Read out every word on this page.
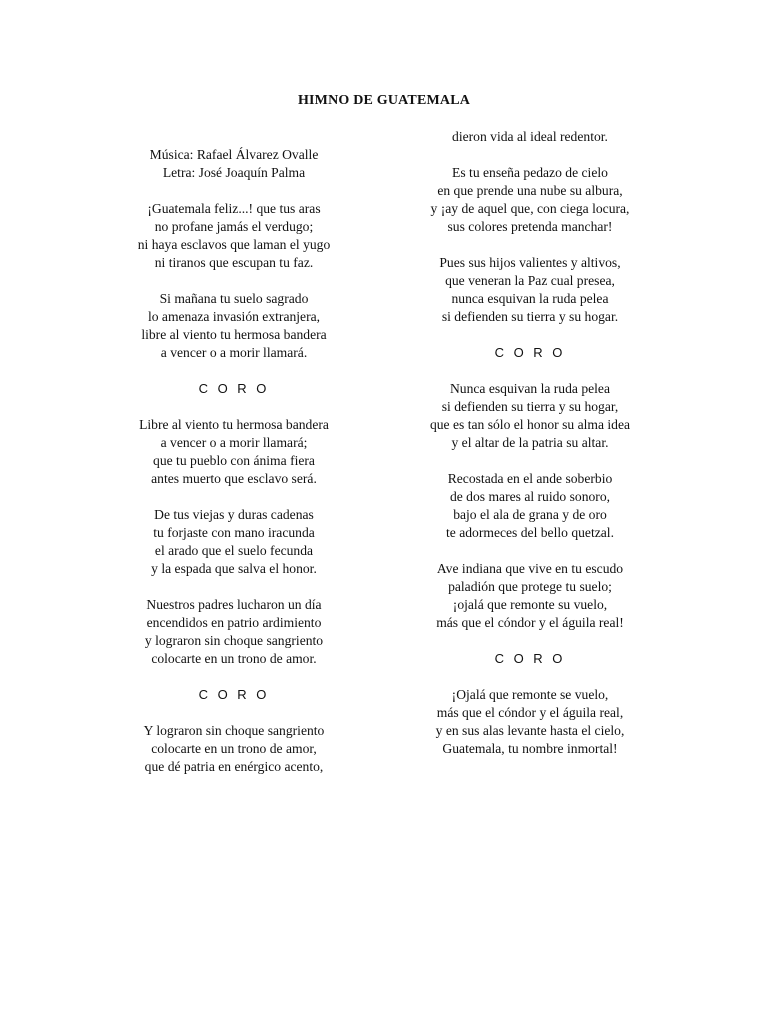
HIMNO DE GUATEMALA
Música: Rafael Álvarez Ovalle
Letra: José Joaquín Palma
¡Guatemala feliz...! que tus aras
no profane jamás el verdugo;
ni haya esclavos que laman el yugo
ni tiranos que escupan tu faz.
Si mañana tu suelo sagrado
lo amenaza invasión extranjera,
libre al viento tu hermosa bandera
a vencer o a morir llamará.
C O R O
Libre al viento tu hermosa bandera
a vencer o a morir llamará;
que tu pueblo con ánima fiera
antes muerto que esclavo será.
De tus viejas y duras cadenas
tu forjaste con mano iracunda
el arado que el suelo fecunda
y la espada que salva el honor.
Nuestros padres lucharon un día
encendidos en patrio ardimiento
y lograron sin choque sangriento
colocarte en un trono de amor.
C O R O
Y lograron sin choque sangriento
colocarte en un trono de amor,
que dé patria en enérgico acento,
dieron vida al ideal redentor.
Es tu enseña pedazo de cielo
en que prende una nube su albura,
y ¡ay de aquel que, con ciega locura,
sus colores pretenda manchar!
Pues sus hijos valientes y altivos,
que veneran la Paz cual presea,
nunca esquivan la ruda pelea
si defienden su tierra y su hogar.
C O R O
Nunca esquivan la ruda pelea
si defienden su tierra y su hogar,
que es tan sólo el honor su alma idea
y el altar de la patria su altar.
Recostada en el ande soberbio
de dos mares al ruido sonoro,
bajo el ala de grana y de oro
te adormeces del bello quetzal.
Ave indiana que vive en tu escudo
paladión que protege tu suelo;
¡ojalá que remonte su vuelo,
más que el cóndor y el águila real!
C O R O
¡Ojalá que remonte se vuelo,
más que el cóndor y el águila real,
y en sus alas levante hasta el cielo,
Guatemala, tu nombre inmortal!
